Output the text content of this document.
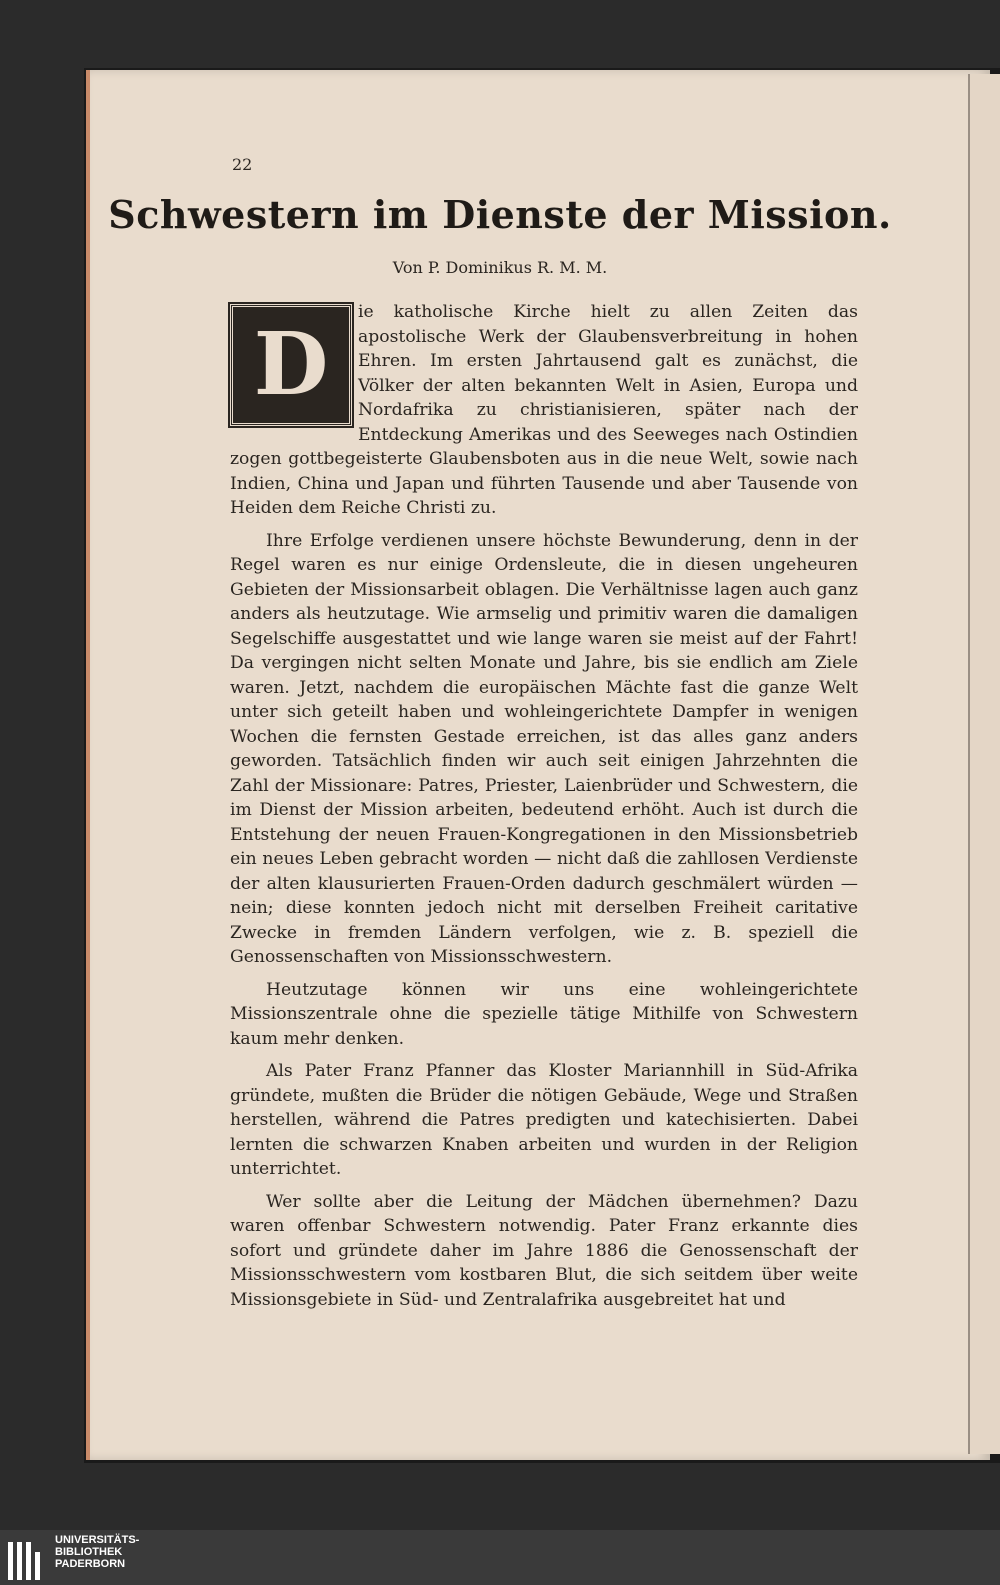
22
Schwestern im Dienste der Mission.
Von P. Dominikus R. M. M.

D
ie katholische Kirche hielt zu allen Zeiten das apostolische Werk der Glaubensverbreitung in hohen Ehren. Im ersten Jahrtausend galt es zunächst, die Völker der alten bekannten Welt in Asien, Europa und Nordafrika zu christianisieren, später nach der Entdeckung Amerikas und des Seeweges nach Ostindien zogen gottbegeisterte Glaubensboten aus in die neue Welt, sowie nach Indien, China und Japan und führten Tausende und aber Tausende von Heiden dem Reiche Christi zu.

Ihre Erfolge verdienen unsere höchste Bewunderung, denn in der Regel waren es nur einige Ordensleute, die in diesen ungeheuren Gebieten der Missionsarbeit oblagen. Die Verhältnisse lagen auch ganz anders als heutzutage. Wie armselig und primitiv waren die damaligen Segelschiffe ausgestattet und wie lange waren sie meist auf der Fahrt! Da vergingen nicht selten Monate und Jahre, bis sie endlich am Ziele waren. Jetzt, nachdem die europäischen Mächte fast die ganze Welt unter sich geteilt haben und wohleingerichtete Dampfer in wenigen Wochen die fernsten Gestade erreichen, ist das alles ganz anders geworden. Tatsächlich finden wir auch seit einigen Jahrzehnten die Zahl der Missionare: Patres, Priester, Laienbrüder und Schwestern, die im Dienst der Mission arbeiten, bedeutend erhöht. Auch ist durch die Entstehung der neuen Frauen-Kongregationen in den Missionsbetrieb ein neues Leben gebracht worden — nicht daß die zahllosen Verdienste der alten klausurierten Frauen-Orden dadurch geschmälert würden — nein; diese konnten jedoch nicht mit derselben Freiheit caritative Zwecke in fremden Ländern verfolgen, wie z. B. speziell die Genossenschaften von Missionsschwestern.

Heutzutage können wir uns eine wohleingerichtete Missionszentrale ohne die spezielle tätige Mithilfe von Schwestern kaum mehr denken.

Als Pater Franz Pfanner das Kloster Mariannhill in Süd-Afrika gründete, mußten die Brüder die nötigen Gebäude, Wege und Straßen herstellen, während die Patres predigten und katechisierten. Dabei lernten die schwarzen Knaben arbeiten und wurden in der Religion unterrichtet.

Wer sollte aber die Leitung der Mädchen übernehmen? Dazu waren offenbar Schwestern notwendig. Pater Franz erkannte dies sofort und gründete daher im Jahre 1886 die Genossenschaft der Missionsschwestern vom kostbaren Blut, die sich seitdem über weite Missionsgebiete in Süd- und Zentralafrika ausgebreitet hat und

UNIVERSITÄTS-
BIBLIOTHEK
PADERBORN
